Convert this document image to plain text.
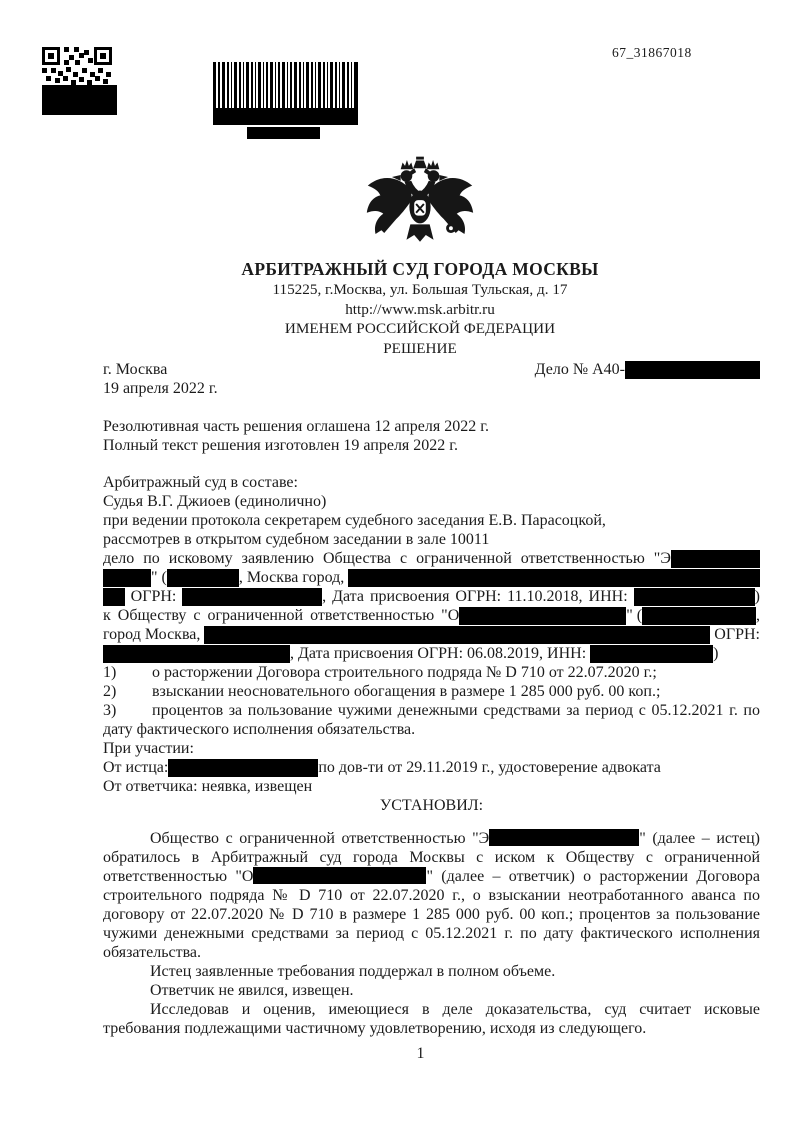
67_31867018
АРБИТРАЖНЫЙ СУД ГОРОДА МОСКВЫ
115225, г.Москва, ул. Большая Тульская, д. 17
http://www.msk.arbitr.ru
ИМЕНЕМ РОССИЙСКОЙ ФЕДЕРАЦИИ
РЕШЕНИЕ
г. Москва	Дело № А40-
19 апреля 2022 г.
Резолютивная часть решения оглашена 12 апреля 2022 г.
Полный текст решения изготовлен 19 апреля 2022 г.
Арбитражный суд в составе:
Судья В.Г. Джиоев (единолично)
при ведении протокола секретарем судебного заседания Е.В. Парасоцкой,
рассмотрев в открытом судебном заседании в зале 10011
дело по исковому заявлению Общества с ограниченной ответственностью "Э
" (	, Москва город,
ОГРН:	, Дата присвоения ОГРН: 11.10.2018, ИНН:	)
к Обществу с ограниченной ответственностью "О	" (	,
город Москва,	ОГРН:
, Дата присвоения ОГРН: 06.08.2019, ИНН:	)
1) о расторжении Договора строительного подряда № D 710 от 22.07.2020 г.;
2) взыскании неосновательного обогащения в размере 1 285 000 руб. 00 коп.;
3) процентов за пользование чужими денежными средствами за период с 05.12.2021 г. по дату фактического исполнения обязательства.
При участии:
От истца:	по дов-ти от 29.11.2019 г., удостоверение адвоката
От ответчика: неявка, извещен
УСТАНОВИЛ:
Общество с ограниченной ответственностью "Э	" (далее – истец) обратилось в Арбитражный суд города Москвы с иском к Обществу с ограниченной ответственностью "О	" (далее – ответчик) о расторжении Договора строительного подряда № D 710 от 22.07.2020 г., о взыскании неотработанного аванса по договору от 22.07.2020 № D 710 в размере 1 285 000 руб. 00 коп.; процентов за пользование чужими денежными средствами за период с 05.12.2021 г. по дату фактического исполнения обязательства.
Истец заявленные требования поддержал в полном объеме.
Ответчик не явился, извещен.
Исследовав и оценив, имеющиеся в деле доказательства, суд считает исковые требования подлежащими частичному удовлетворению, исходя из следующего.
1
